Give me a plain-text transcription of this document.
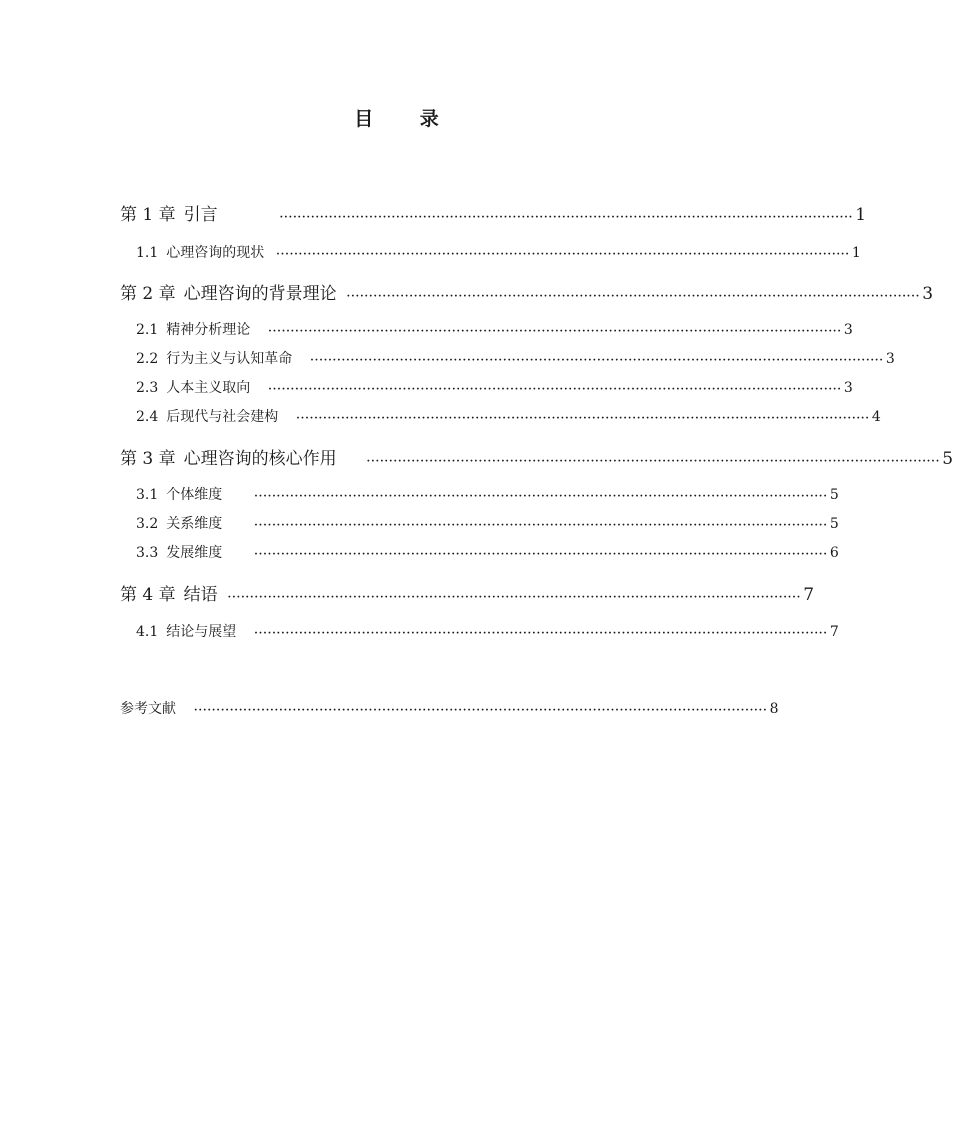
目 录
第 1 章 引言	································································································································ 1
1.1 心理咨询的现状 ································································································································ 1
第 2 章 心理咨询的背景理论 ································································································································ 3
2.1 精神分析理论 ································································································································ 3
2.2 行为主义与认知革命 ································································································································ 3
2.3 人本主义取向 ································································································································ 3
2.4 后现代与社会建构 ································································································································ 4
第 3 章 心理咨询的核心作用	································································································································ 5
3.1 个体维度	································································································································ 5
3.2 关系维度	································································································································ 5
3.3 发展维度	································································································································ 6
第 4 章 结语 ································································································································ 7
4.1 结论与展望 ································································································································ 7
参考文献 ································································································································ 8
